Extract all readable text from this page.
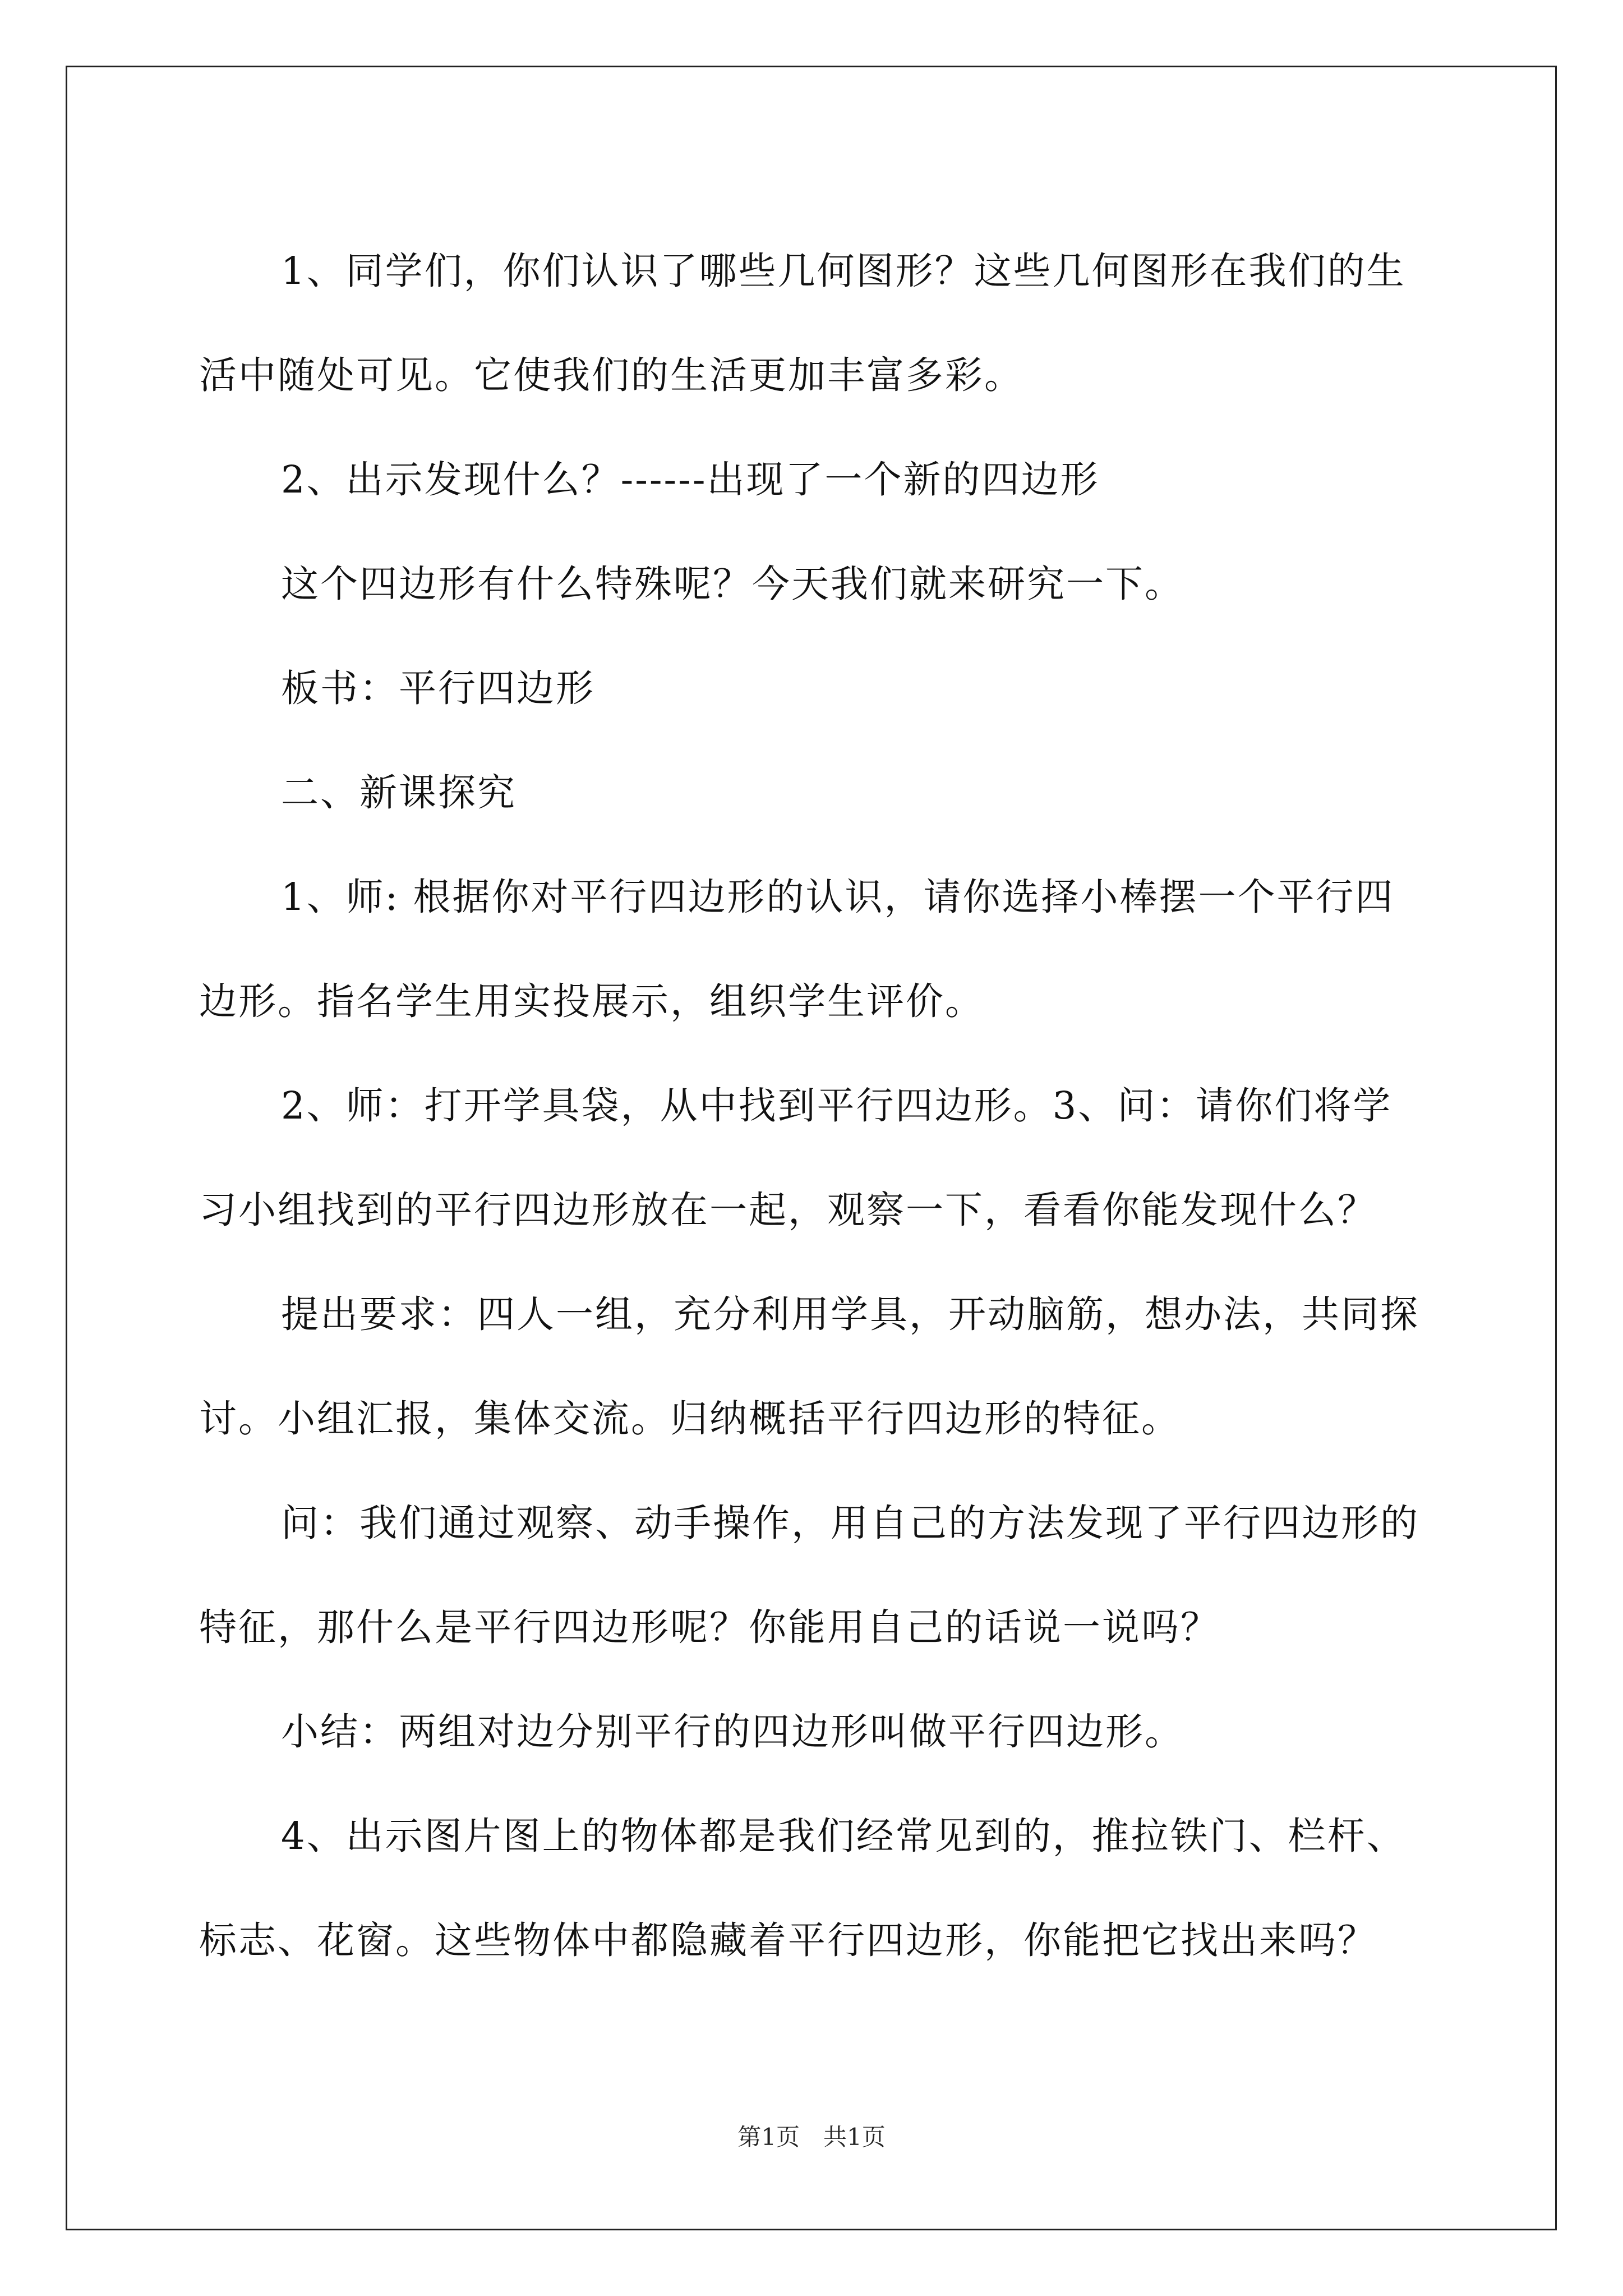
1、同学们，你们认识了哪些几何图形？这些几何图形在我们的生活中随处可见。它使我们的生活更加丰富多彩。

2、出示发现什么？------出现了一个新的四边形

这个四边形有什么特殊呢？今天我们就来研究一下。

板书：平行四边形

二、新课探究

1、师: 根据你对平行四边形的认识，请你选择小棒摆一个平行四边形。指名学生用实投展示，组织学生评价。

2、师：打开学具袋，从中找到平行四边形。3、问：请你们将学习小组找到的平行四边形放在一起，观察一下，看看你能发现什么？

提出要求：四人一组，充分利用学具，开动脑筋，想办法，共同探讨。小组汇报，集体交流。归纳概括平行四边形的特征。

问：我们通过观察、动手操作，用自己的方法发现了平行四边形的特征，那什么是平行四边形呢？你能用自己的话说一说吗？

小结：两组对边分别平行的四边形叫做平行四边形。

4、出示图片图上的物体都是我们经常见到的，推拉铁门、栏杆、标志、花窗。这些物体中都隐藏着平行四边形，你能把它找出来吗？

第1页　共1页
